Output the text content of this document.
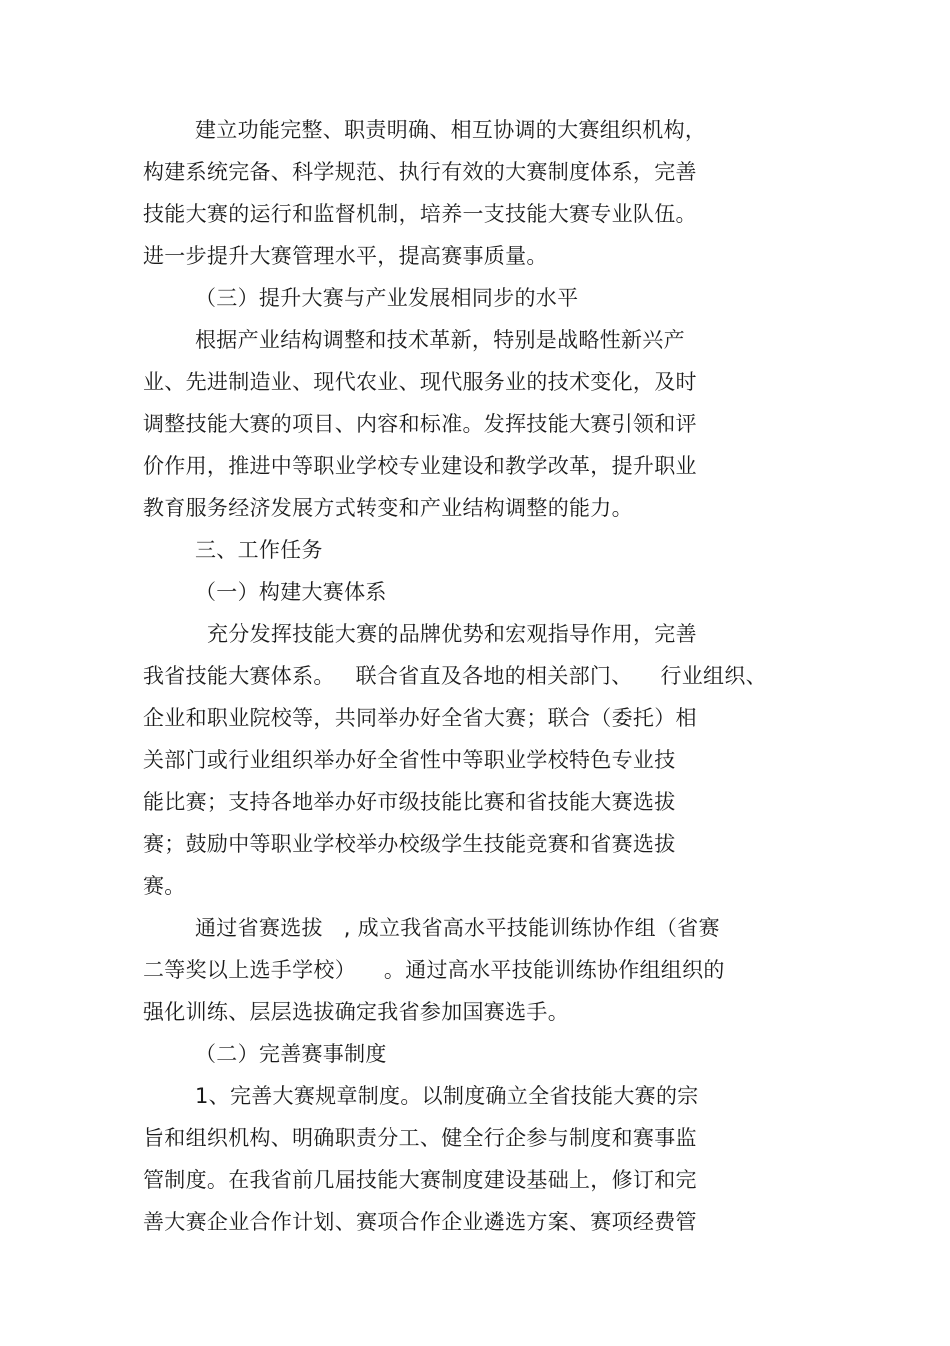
建立功能完整、职责明确、相互协调的大赛组织机构，
构建系统完备、科学规范、执行有效的大赛制度体系，完善
技能大赛的运行和监督机制，培养一支技能大赛专业队伍。
进一步提升大赛管理水平，提高赛事质量。
（三）提升大赛与产业发展相同步的水平
根据产业结构调整和技术革新，特别是战略性新兴产
业、先进制造业、现代农业、现代服务业的技术变化，及时
调整技能大赛的项目、内容和标准。发挥技能大赛引领和评
价作用，推进中等职业学校专业建设和教学改革，提升职业
教育服务经济发展方式转变和产业结构调整的能力。
三、工作任务
（一）构建大赛体系
充分发挥技能大赛的品牌优势和宏观指导作用，完善
我省技能大赛体系。   联合省直及各地的相关部门、    行业组织、
企业和职业院校等，共同举办好全省大赛；联合（委托）相
关部门或行业组织举办好全省性中等职业学校特色专业技
能比赛；支持各地举办好市级技能比赛和省技能大赛选拔
赛；鼓励中等职业学校举办校级学生技能竞赛和省赛选拔
赛。
通过省赛选拔   , 成立我省高水平技能训练协作组（省赛
二等奖以上选手学校）    。通过高水平技能训练协作组组织的
强化训练、层层选拔确定我省参加国赛选手。
（二）完善赛事制度
1、完善大赛规章制度。以制度确立全省技能大赛的宗
旨和组织机构、明确职责分工、健全行企参与制度和赛事监
管制度。在我省前几届技能大赛制度建设基础上，修订和完
善大赛企业合作计划、赛项合作企业遴选方案、赛项经费管
